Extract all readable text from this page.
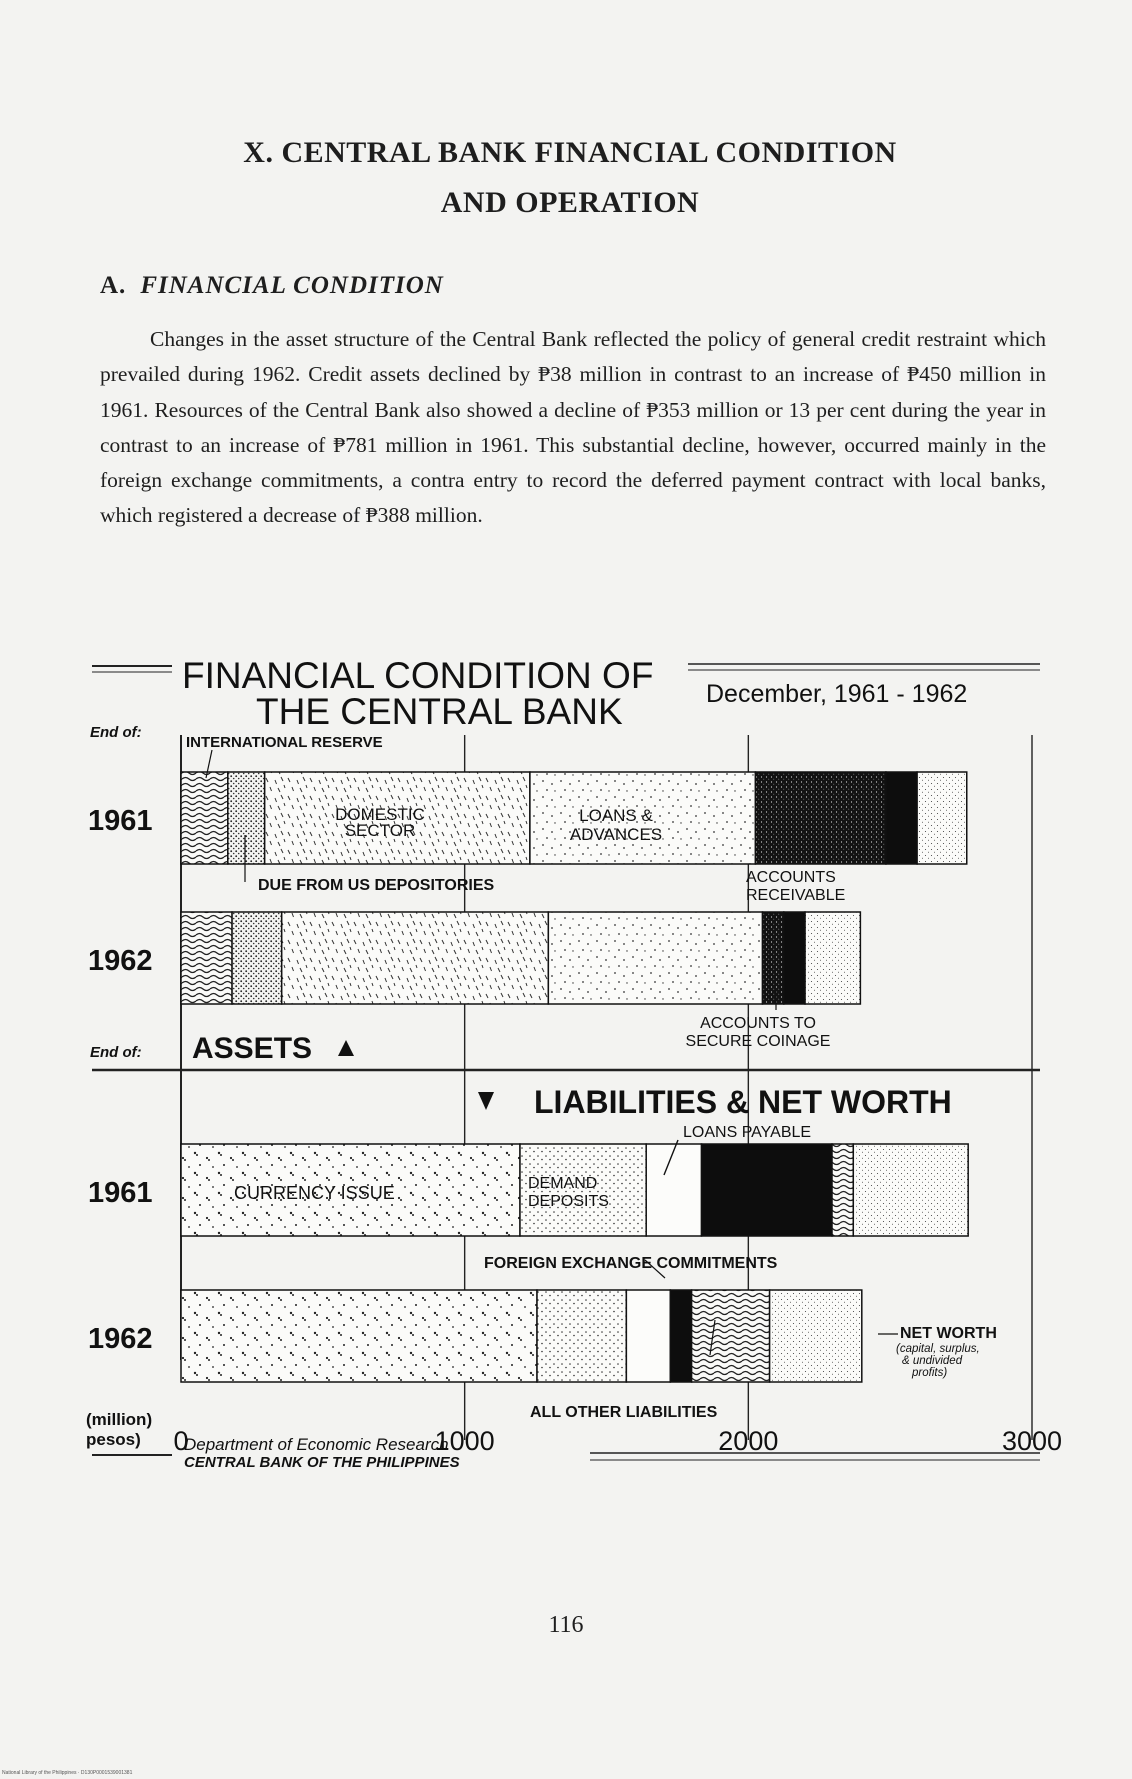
X. CENTRAL BANK FINANCIAL CONDITION
AND OPERATION
A. FINANCIAL CONDITION

Changes in the asset structure of the Central Bank reflected the policy of general credit restraint which prevailed during 1962. Credit assets declined by ₱38 million in contrast to an increase of ₱450 million in 1961. Resources of the Central Bank also showed a decline of ₱353 million or 13 per cent during the year in contrast to an increase of ₱781 million in 1961. This substantial decline, however, occurred mainly in the foreign exchange commitments, a contra entry to record the deferred payment contract with local banks, which registered a decrease of ₱388 million.

FINANCIAL CONDITION OF
THE CENTRAL BANK	December, 1961 - 1962
0	1000	2000	3000
End of:
End of: ASSETS
LIABILITIES & NET WORTH
1961
1962
1961
1962
INTERNATIONAL RESERVE
DUE FROM US DEPOSITORIES
DOMESTIC
SECTOR
LOANS &
ADVANCES
ACCOUNTS
RECEIVABLE
ACCOUNTS TO
SECURE COINAGE
CURRENCY ISSUE	DEMAND
DEPOSITS
LOANS PAYABLE
FOREIGN EXCHANGE COMMITMENTS
ALL OTHER LIABILITIES
NET WORTH
(capital, surplus,
& undivided
profits)
(million)
pesos)	Department of Economic Research
CENTRAL BANK OF THE PHILIPPINES

116

National Library of the Philippines · D130P0001539001381
